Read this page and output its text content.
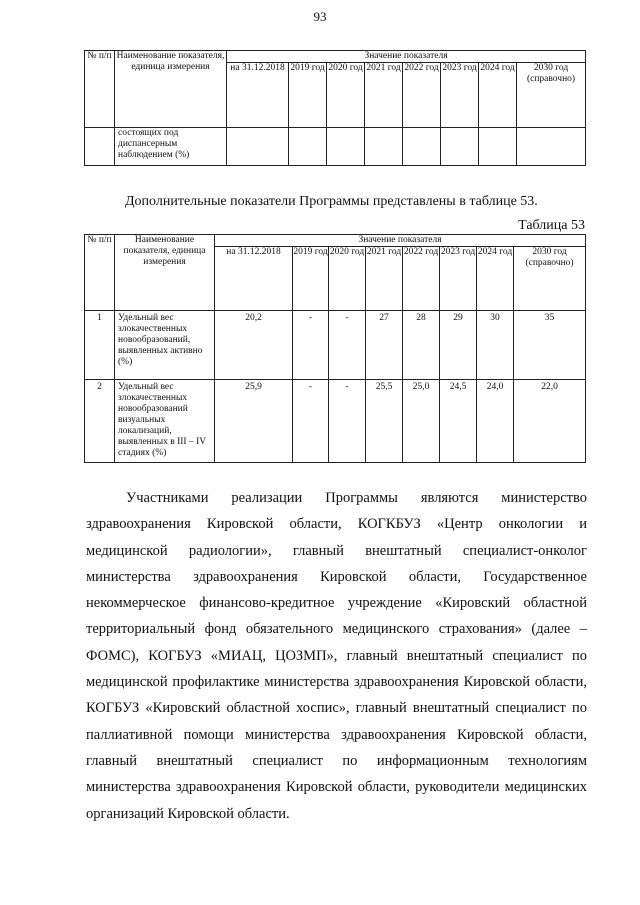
93
№ п/п	Наименование показателя, единица измерения	Значение показателя							
		на 31.12.2018	2019 год	2020 год	2021 год	2022 год	2023 год	2024 год	2030 год (справочно)
	состоящих под диспансерным наблюдением (%)								
Дополнительные показатели Программы представлены в таблице 53.
Таблица 53
№ п/п	Наименование показателя, единица измерения	Значение показателя							
		на 31.12.2018	2019 год	2020 год	2021 год	2022 год	2023 год	2024 год	2030 год (справочно)
1	Удельный вес злокачественных новообразований, выявленных активно (%)	20,2	-	-	27	28	29	30	35
2	Удельный вес злокачественных новообразований визуальных локализаций, выявленных в III – IV стадиях (%)	25,9	-	-	25,5	25,0	24,5	24,0	22,0

Участниками реализации Программы являются министерство здравоохранения Кировской области, КОГКБУЗ «Центр онкологии и медицинской радиологии», главный внештатный специалист-онколог министерства здравоохранения Кировской области, Государственное некоммерческое финансово-кредитное учреждение «Кировский областной территориальный фонд обязательного медицинского страхования» (далее – ФОМС), КОГБУЗ «МИАЦ, ЦОЗМП», главный внештатный специалист по медицинской профилактике министерства здравоохранения Кировской области, КОГБУЗ «Кировский областной хоспис», главный внештатный специалист по паллиативной помощи министерства здравоохранения Кировской области, главный внештатный специалист по информационным технологиям министерства здравоохранения Кировской области, руководители медицинских организаций Кировской области.
